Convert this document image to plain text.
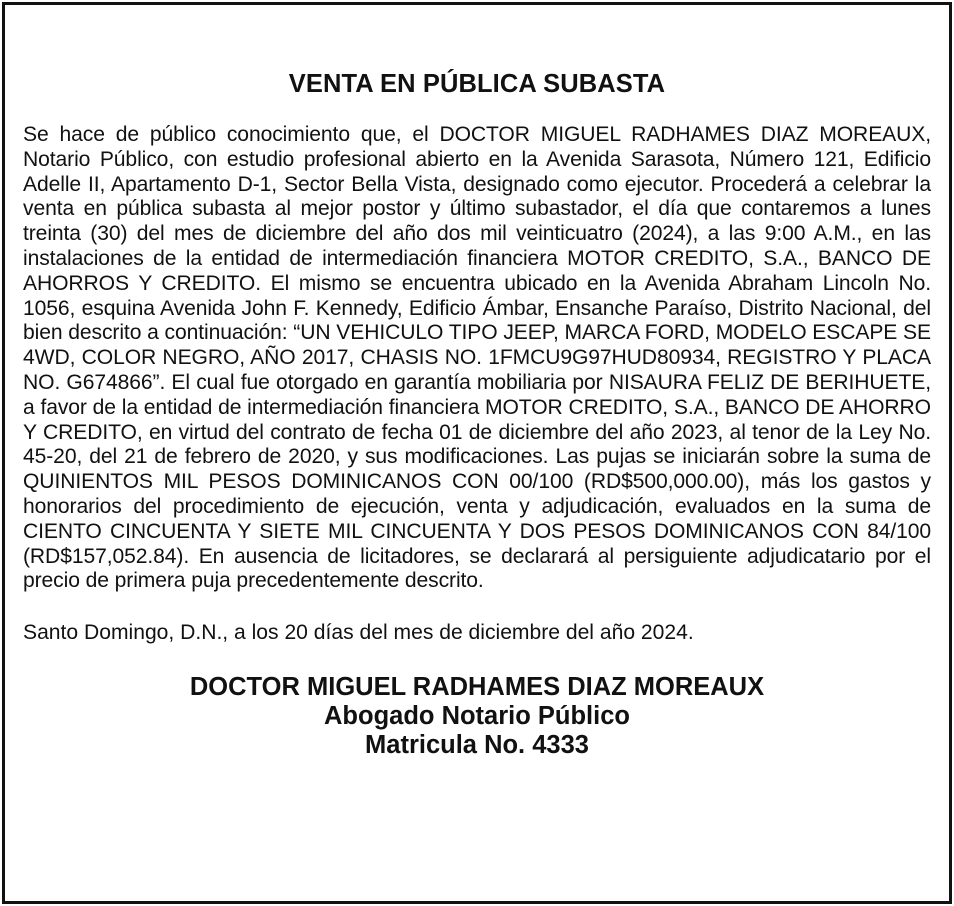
VENTA EN PÚBLICA SUBASTA

Se hace de público conocimiento que, el DOCTOR MIGUEL RADHAMES DIAZ MOREAUX, Notario Público, con estudio profesional abierto en la Avenida Sarasota, Número 121, Edificio Adelle II, Apartamento D-1, Sector Bella Vista, designado como ejecutor. Procederá a celebrar la venta en pública subasta al mejor postor y último subastador, el día que contaremos a lunes treinta (30) del mes de diciembre del año dos mil veinticuatro (2024), a las 9:00 A.M., en las instalaciones de la entidad de intermediación financiera MOTOR CREDITO, S.A., BANCO DE AHORROS Y CREDITO. El mismo se encuentra ubicado en la Avenida Abraham Lincoln No. 1056, esquina Avenida John F. Kennedy, Edificio Ámbar, Ensanche Paraíso, Distrito Nacional, del bien descrito a continuación: “UN VEHICULO TIPO JEEP, MARCA FORD, MODELO ESCAPE SE 4WD, COLOR NEGRO, AÑO 2017, CHASIS NO. 1FMCU9G97HUD80934, REGISTRO Y PLACA NO. G674866”. El cual fue otorgado en garantía mobiliaria por NISAURA FELIZ DE BERIHUETE, a favor de la entidad de intermediación financiera MOTOR CREDITO, S.A., BANCO DE AHORRO Y CREDITO, en virtud del contrato de fecha 01 de diciembre del año 2023, al tenor de la Ley No. 45-20, del 21 de febrero de 2020, y sus modificaciones. Las pujas se iniciarán sobre la suma de QUINIENTOS MIL PESOS DOMINICANOS CON 00/100 (RD$500,000.00), más los gastos y honorarios del procedimiento de ejecución, venta y adjudicación, evaluados en la suma de CIENTO CINCUENTA Y SIETE MIL CINCUENTA Y DOS PESOS DOMINICANOS CON 84/100 (RD$157,052.84). En ausencia de licitadores, se declarará al persiguiente adjudicatario por el precio de primera puja precedentemente descrito.

Santo Domingo, D.N., a los 20 días del mes de diciembre del año 2024.

DOCTOR MIGUEL RADHAMES DIAZ MOREAUX
Abogado Notario Público
Matricula No. 4333
